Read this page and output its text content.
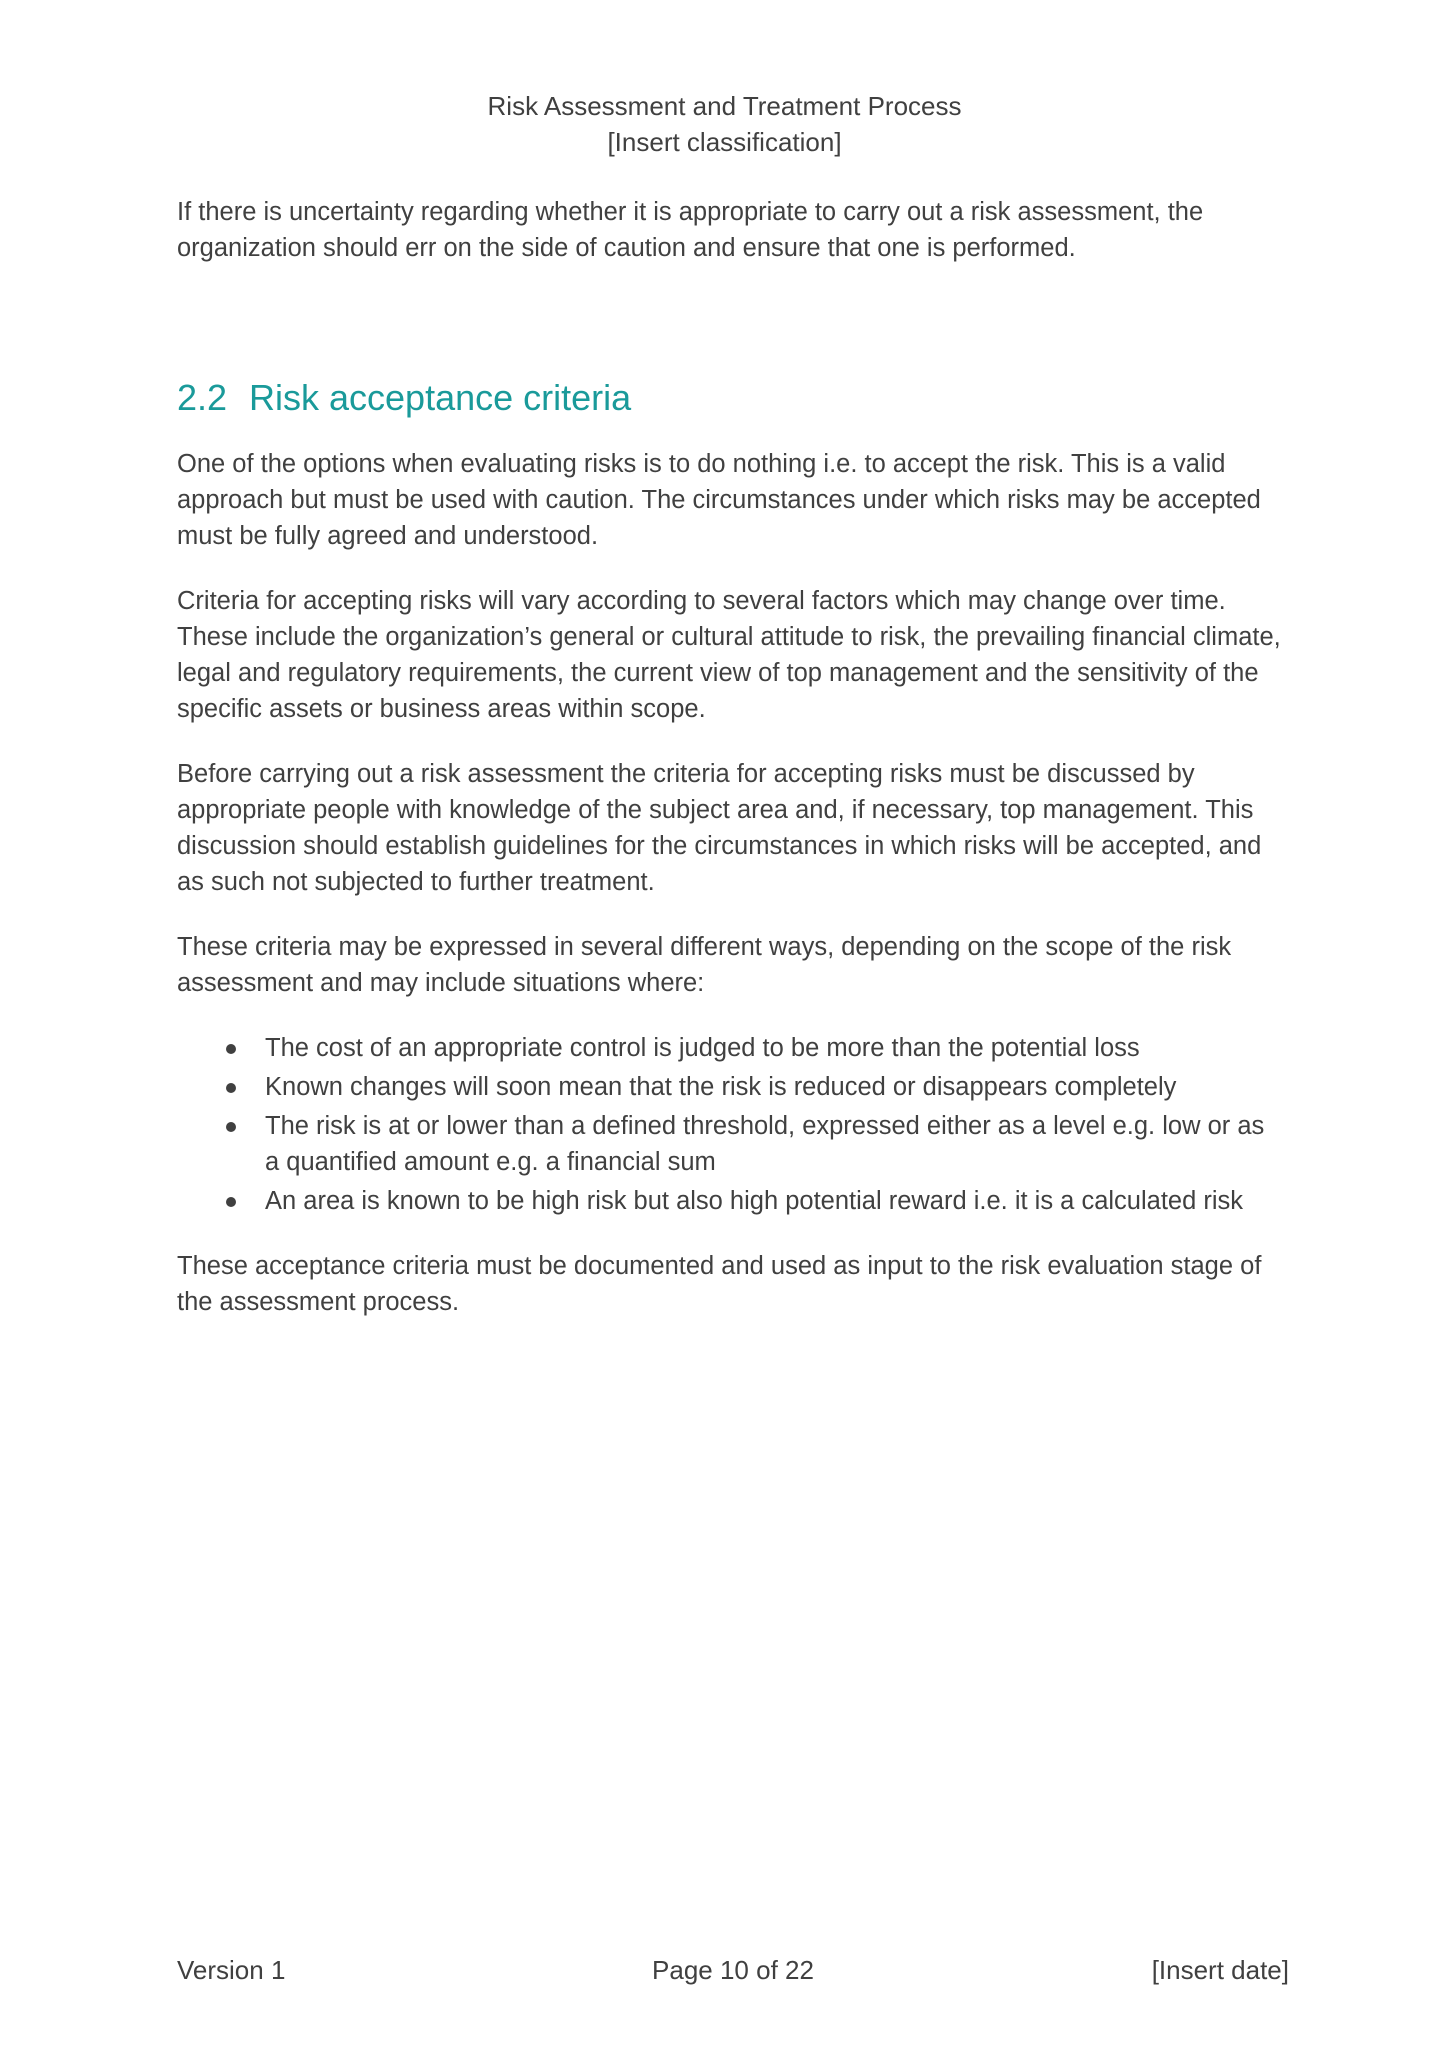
Risk Assessment and Treatment Process
[Insert classification]

If there is uncertainty regarding whether it is appropriate to carry out a risk assessment, the organization should err on the side of caution and ensure that one is performed.

2.2 Risk acceptance criteria

One of the options when evaluating risks is to do nothing i.e. to accept the risk. This is a valid approach but must be used with caution. The circumstances under which risks may be accepted must be fully agreed and understood.

Criteria for accepting risks will vary according to several factors which may change over time. These include the organization’s general or cultural attitude to risk, the prevailing financial climate, legal and regulatory requirements, the current view of top management and the sensitivity of the specific assets or business areas within scope.

Before carrying out a risk assessment the criteria for accepting risks must be discussed by appropriate people with knowledge of the subject area and, if necessary, top management. This discussion should establish guidelines for the circumstances in which risks will be accepted, and as such not subjected to further treatment.

These criteria may be expressed in several different ways, depending on the scope of the risk assessment and may include situations where:

The cost of an appropriate control is judged to be more than the potential loss
Known changes will soon mean that the risk is reduced or disappears completely
The risk is at or lower than a defined threshold, expressed either as a level e.g. low or as a quantified amount e.g. a financial sum
An area is known to be high risk but also high potential reward i.e. it is a calculated risk

These acceptance criteria must be documented and used as input to the risk evaluation stage of the assessment process.

Version 1	Page 10 of 22	[Insert date]
